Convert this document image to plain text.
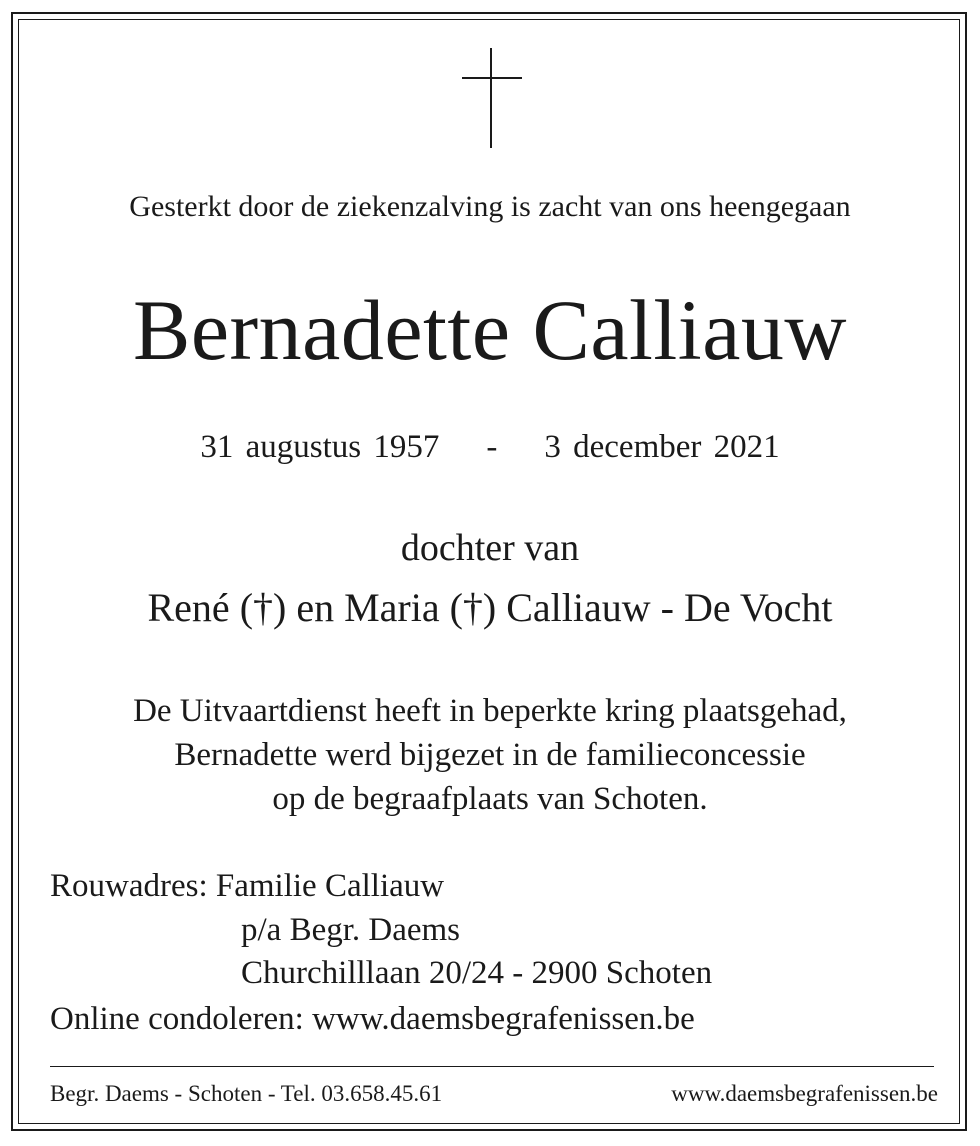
Gesterkt door de ziekenzalving is zacht van ons heengegaan
Bernadette Calliauw
31 augustus 1957 - 3 december 2021
dochter van
René (†) en Maria (†) Calliauw - De Vocht
De Uitvaartdienst heeft in beperkte kring plaatsgehad,
Bernadette werd bijgezet in de familieconcessie
op de begraafplaats van Schoten.
Rouwadres: Familie Calliauw
p/a Begr. Daems
Churchilllaan 20/24 - 2900 Schoten
Online condoleren: www.daemsbegrafenissen.be
Begr. Daems - Schoten - Tel. 03.658.45.61	www.daemsbegrafenissen.be
